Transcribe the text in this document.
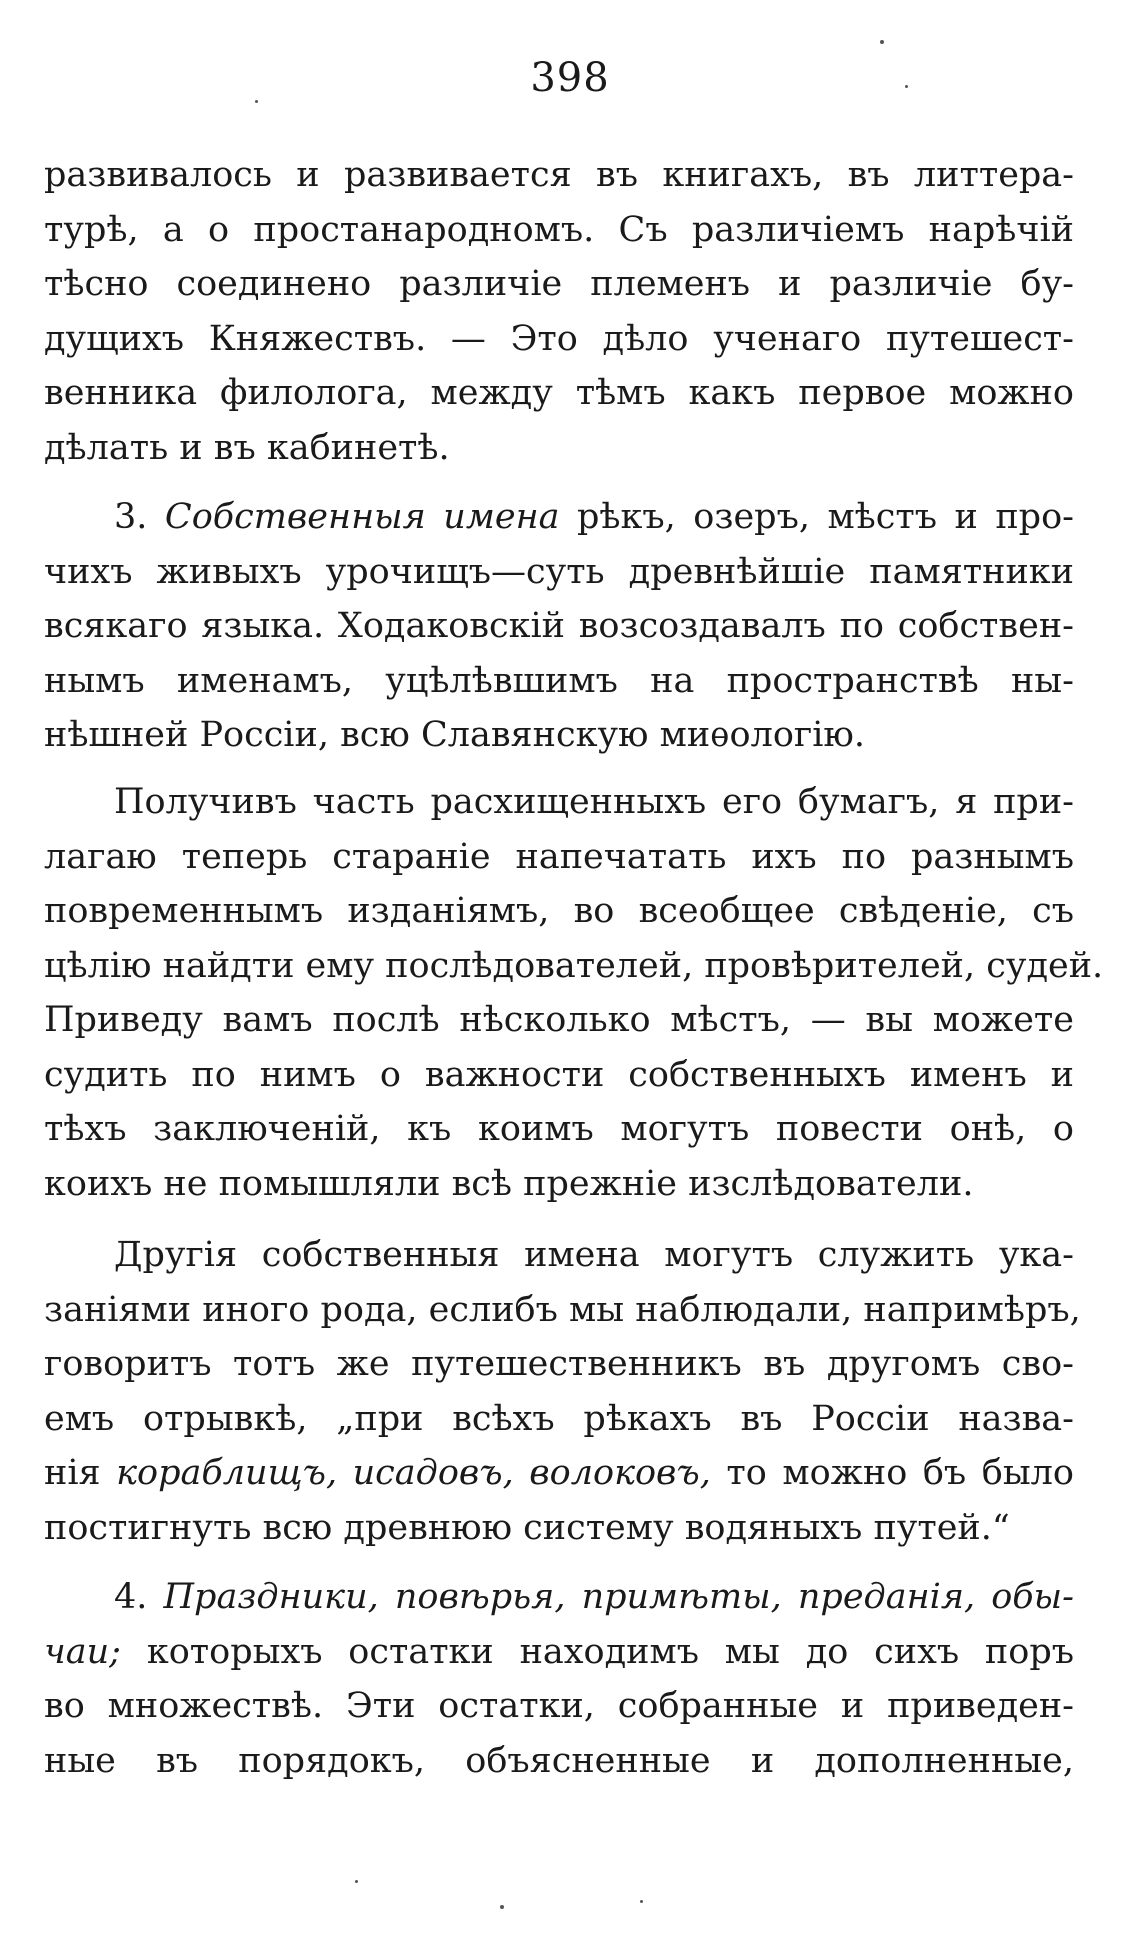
398
развивалось и развивается въ книгахъ, въ литтера-
турѣ, а о простанародномъ. Съ различiемъ нарѣчiй
тѣсно соединено различiе племенъ и различiе бу-
дущихъ Княжествъ. — Это дѣло ученаго путешест-
венника филолога, между тѣмъ какъ первое можно
дѣлать и въ кабинетѣ.
3. Собственныя имена рѣкъ, озеръ, мѣстъ и про-
чихъ живыхъ урочищъ—суть древнѣйшiе памятники
всякаго языка. Ходаковскiй возсоздавалъ по собствен-
нымъ именамъ, уцѣлѣвшимъ на пространствѣ ны-
нѣшней Россiи, всю Славянскую миѳологiю.
Получивъ часть расхищенныхъ его бумагъ, я при-
лагаю теперь старанiе напечатать ихъ по разнымъ
повременнымъ изданiямъ, во всеобщее свѣденiе, съ
цѣлiю найдти ему послѣдователей, провѣрителей, судей.
Приведу вамъ послѣ нѣсколько мѣстъ, — вы можете
судить по нимъ о важности собственныхъ именъ и
тѣхъ заключенiй, къ коимъ могутъ повести онѣ, о
коихъ не помышляли всѣ прежнiе изслѣдователи.
Другiя собственныя имена могутъ служить ука-
занiями иного рода, еслибъ мы наблюдали, напримѣръ,
говоритъ тотъ же путешественникъ въ другомъ сво-
емъ отрывкѣ, „при всѣхъ рѣкахъ въ Россiи назва-
нiя кораблищъ, исадовъ, волоковъ, то можно бъ было
постигнуть всю древнюю систему водяныхъ путей.“
4. Праздники, повѣрья, примѣты, преданiя, обы-
чаи; которыхъ остатки находимъ мы до сихъ поръ
во множествѣ. Эти остатки, собранные и приведен-
ные въ порядокъ, объясненные и дополненные,
